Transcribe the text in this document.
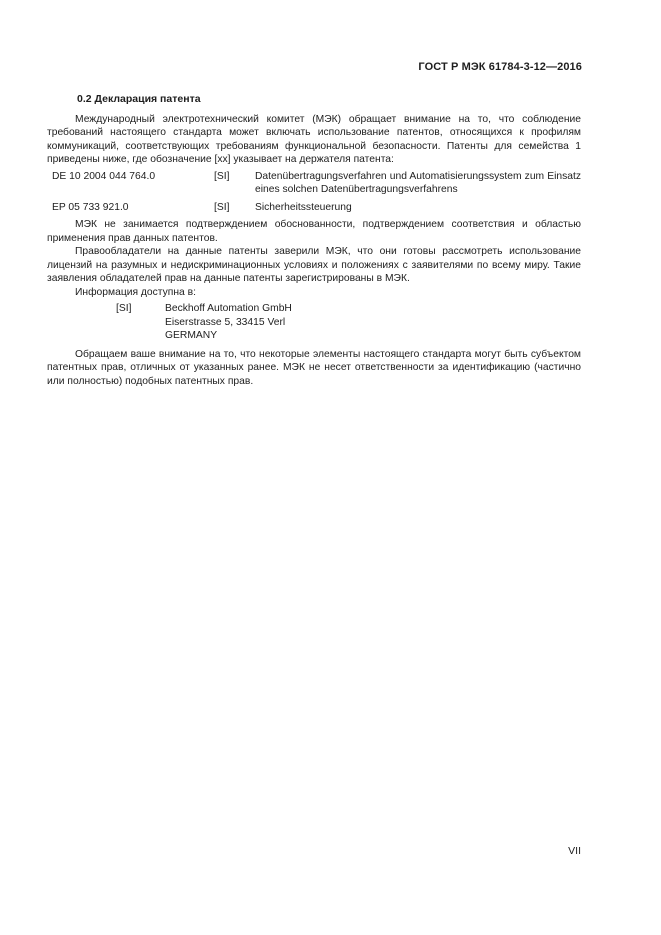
ГОСТ Р МЭК 61784-3-12—2016

0.2 Декларация патента

Международный электротехнический комитет (МЭК) обращает внимание на то, что соблюдение требований настоящего стандарта может включать использование патентов, относящихся к профилям коммуникаций, соответствующих требованиям функциональной безопасности. Патенты для семейства 1 приведены ниже, где обозначение [xx] указывает на держателя патента:

DE 10 2004 044 764.0	[SI]	Datenübertragungsverfahren und Automatisierungssystem zum Einsatz eines solchen Datenübertragungsverfahrens
EP 05 733 921.0	[SI]	Sicherheitssteuerung

МЭК не занимается подтверждением обоснованности, подтверждением соответствия и областью применения прав данных патентов.

Правообладатели на данные патенты заверили МЭК, что они готовы рассмотреть использование лицензий на разумных и недискриминационных условиях и положениях с заявителями по всему миру. Такие заявления обладателей прав на данные патенты зарегистрированы в МЭК.

Информация доступна в:

[SI]	Beckhoff Automation GmbH
Eiserstrasse 5, 33415 Verl
GERMANY

Обращаем ваше внимание на то, что некоторые элементы настоящего стандарта могут быть субъектом патентных прав, отличных от указанных ранее. МЭК не несет ответственности за идентификацию (частично или полностью) подобных патентных прав.

VII
